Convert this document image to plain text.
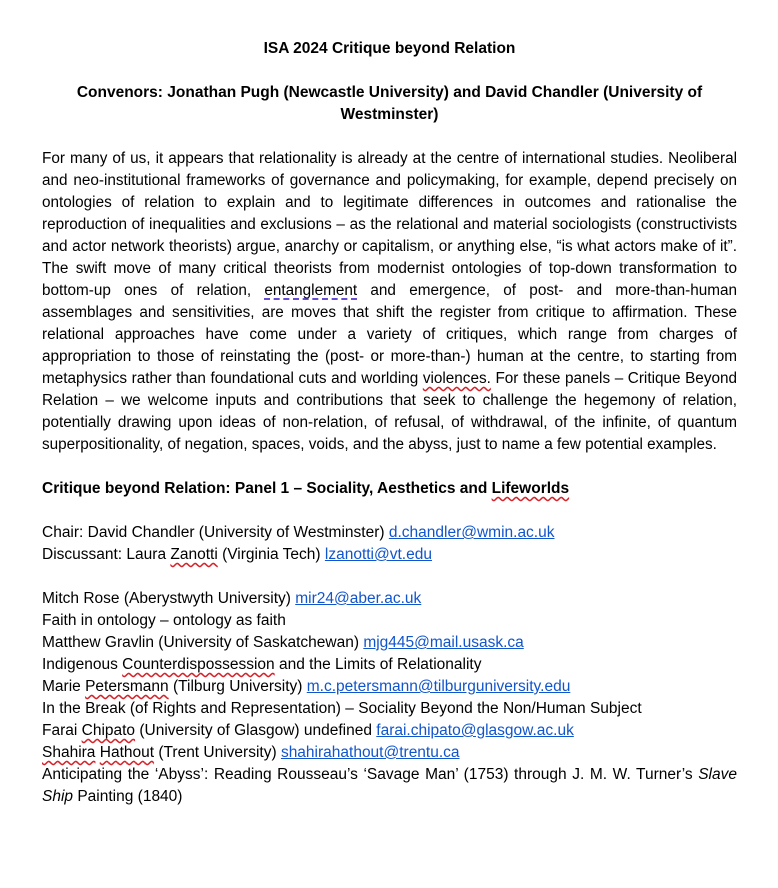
ISA 2024 Critique beyond Relation

Convenors: Jonathan Pugh (Newcastle University) and David Chandler (University of Westminster)

For many of us, it appears that relationality is already at the centre of international studies. Neoliberal and neo-institutional frameworks of governance and policymaking, for example, depend precisely on ontologies of relation to explain and to legitimate differences in outcomes and rationalise the reproduction of inequalities and exclusions – as the relational and material sociologists (constructivists and actor network theorists) argue, anarchy or capitalism, or anything else, “is what actors make of it”. The swift move of many critical theorists from modernist ontologies of top-down transformation to bottom-up ones of relation, entanglement and emergence, of post- and more-than-human assemblages and sensitivities, are moves that shift the register from critique to affirmation. These relational approaches have come under a variety of critiques, which range from charges of appropriation to those of reinstating the (post- or more-than-) human at the centre, to starting from metaphysics rather than foundational cuts and worlding violences. For these panels – Critique Beyond Relation – we welcome inputs and contributions that seek to challenge the hegemony of relation, potentially drawing upon ideas of non-relation, of refusal, of withdrawal, of the infinite, of quantum superpositionality, of negation, spaces, voids, and the abyss, just to name a few potential examples.

Critique beyond Relation: Panel 1 – Sociality, Aesthetics and Lifeworlds

Chair: David Chandler (University of Westminster) d.chandler@wmin.ac.uk

Discussant: Laura Zanotti (Virginia Tech) lzanotti@vt.edu

Mitch Rose (Aberystwyth University) mir24@aber.ac.uk

Faith in ontology – ontology as faith

Matthew Gravlin (University of Saskatchewan) mjg445@mail.usask.ca

Indigenous Counterdispossession and the Limits of Relationality

Marie Petersmann (Tilburg University) m.c.petersmann@tilburguniversity.edu

In the Break (of Rights and Representation) – Sociality Beyond the Non/Human Subject

Farai Chipato (University of Glasgow) undefined farai.chipato@glasgow.ac.uk

Shahira Hathout (Trent University) shahirahathout@trentu.ca

Anticipating the ‘Abyss’: Reading Rousseau’s ‘Savage Man’ (1753) through J. M. W. Turner’s Slave Ship Painting (1840)
